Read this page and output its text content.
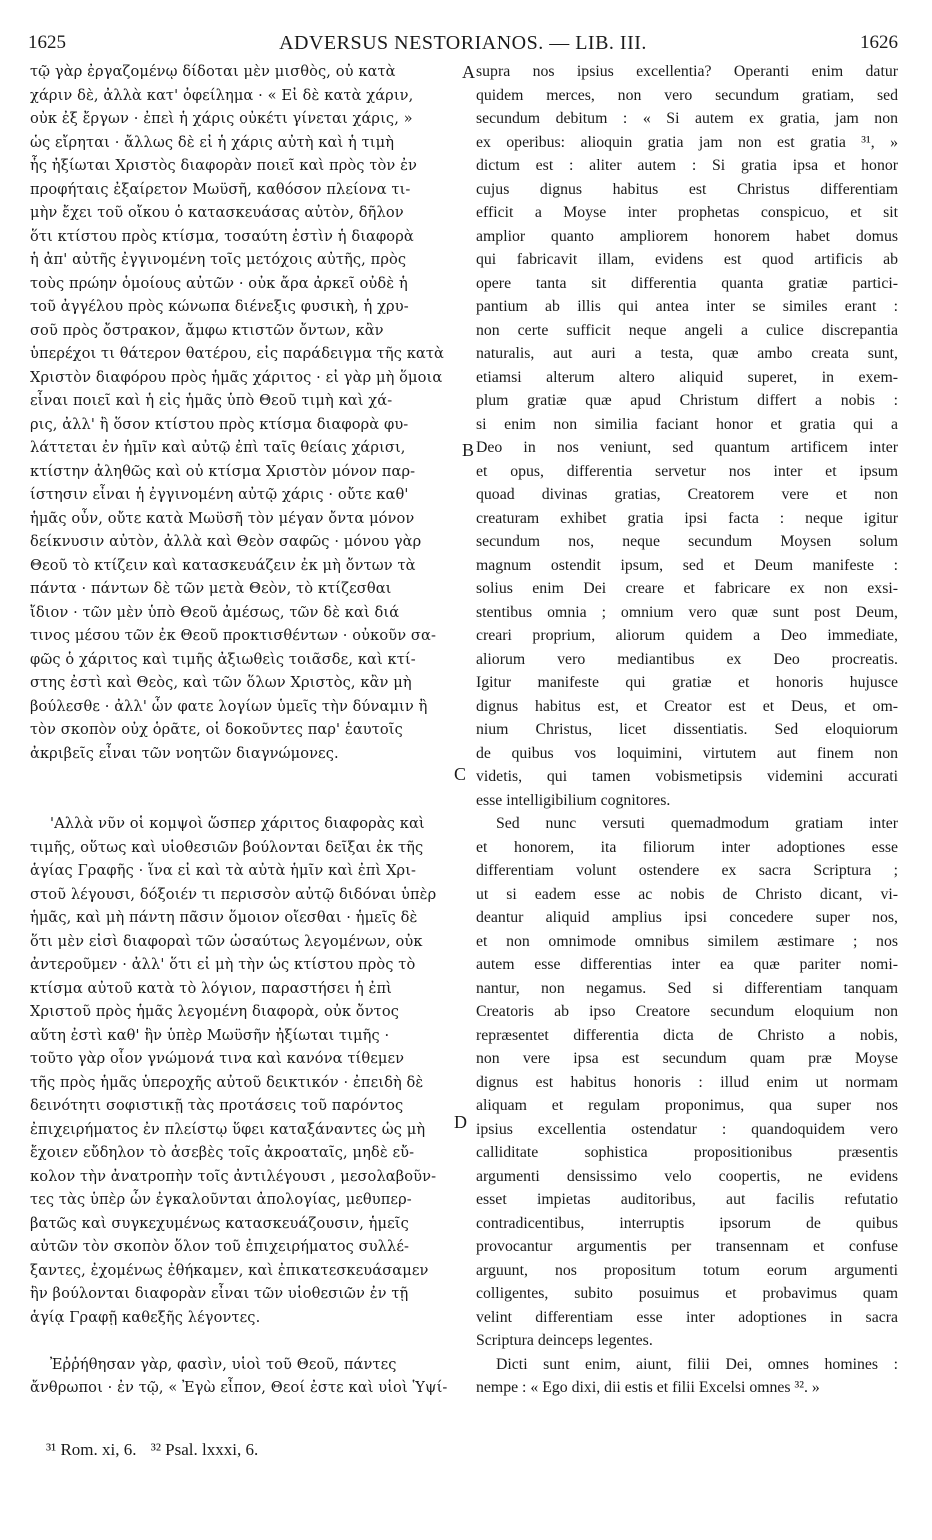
1625	ADVERSUS NESTORIANOS. — LIB. III.	1626
τῷ γὰρ ἐργαζομένῳ δίδοται μὲν μισθὸς, οὐ κατὰ
χάριν δὲ, ἀλλὰ κατ' ὀφείλημα · « Εἰ δὲ κατὰ χάριν,
οὐκ ἐξ ἔργων · ἐπεὶ ἡ χάρις οὐκέτι γίνεται χάρις, »
ὡς εἴρηται · ἄλλως δὲ εἰ ἡ χάρις αὐτὴ καὶ ἡ τιμὴ
ἧς ἠξίωται Χριστὸς διαφορὰν ποιεῖ καὶ πρὸς τὸν ἐν
προφήταις ἐξαίρετον Μωϋσῆ, καθόσον πλείονα τι-
μὴν ἔχει τοῦ οἴκου ὁ κατασκευάσας αὐτὸν, δῆλον
ὅτι κτίστου πρὸς κτίσμα, τοσαύτη ἐστὶν ἡ διαφορὰ
ἡ ἀπ' αὐτῆς ἐγγινομένη τοῖς μετόχοις αὐτῆς, πρὸς
τοὺς πρώην ὁμοίους αὐτῶν · οὐκ ἄρα ἀρκεῖ οὐδὲ ἡ
τοῦ ἀγγέλου πρὸς κώνωπα διένεξις φυσικὴ, ἡ χρυ-
σοῦ πρὸς ὄστρακον, ἄμφω κτιστῶν ὄντων, κἂν
ὑπερέχοι τι θάτερον θατέρου, εἰς παράδειγμα τῆς κατὰ
Χριστὸν διαφόρου πρὸς ἡμᾶς χάριτος · εἰ γὰρ μὴ ὅμοια
εἶναι ποιεῖ καὶ ἡ εἰς ἡμᾶς ὑπὸ Θεοῦ τιμὴ καὶ χά-
ρις, ἀλλ' ἢ ὅσον κτίστου πρὸς κτίσμα διαφορὰ φυ-
λάττεται ἐν ἡμῖν καὶ αὐτῷ ἐπὶ ταῖς θείαις χάρισι,
κτίστην ἀληθῶς καὶ οὐ κτίσμα Χριστὸν μόνον παρ-
ίστησιν εἶναι ἡ ἐγγινομένη αὐτῷ χάρις · οὔτε καθ'
ἡμᾶς οὖν, οὔτε κατὰ Μωϋσῆ τὸν μέγαν ὄντα μόνον
δείκνυσιν αὐτὸν, ἀλλὰ καὶ Θεὸν σαφῶς · μόνου γὰρ
Θεοῦ τὸ κτίζειν καὶ κατασκευάζειν ἐκ μὴ ὄντων τὰ
πάντα · πάντων δὲ τῶν μετὰ Θεὸν, τὸ κτίζεσθαι
ἴδιον · τῶν μὲν ὑπὸ Θεοῦ ἀμέσως, τῶν δὲ καὶ διά
τινος μέσου τῶν ἐκ Θεοῦ προκτισθέντων · οὐκοῦν σα-
φῶς ὁ χάριτος καὶ τιμῆς ἀξιωθεὶς τοιᾶσδε, καὶ κτί-
στης ἐστὶ καὶ Θεὸς, καὶ τῶν ὅλων Χριστὸς, κἂν μὴ
βούλεσθε · ἀλλ' ὧν φατε λογίων ὑμεῖς τὴν δύναμιν ἢ
τὸν σκοπὸν οὐχ ὁρᾶτε, οἱ δοκοῦντες παρ' ἑαυτοῖς
ἀκριβεῖς εἶναι τῶν νοητῶν διαγνώμονες.
'Αλλὰ νῦν οἱ κομψοὶ ὥσπερ χάριτος διαφορὰς καὶ
τιμῆς, οὕτως καὶ υἱοθεσιῶν βούλονται δεῖξαι ἐκ τῆς
ἁγίας Γραφῆς · ἵνα εἰ καὶ τὰ αὐτὰ ἡμῖν καὶ ἐπὶ Χρι-
στοῦ λέγουσι, δόξοιέν τι περισσὸν αὐτῷ διδόναι ὑπὲρ
ἡμᾶς, καὶ μὴ πάντη πᾶσιν ὅμοιον οἴεσθαι · ἡμεῖς δὲ
ὅτι μὲν εἰσὶ διαφοραὶ τῶν ὡσαύτως λεγομένων, οὐκ
ἀντεροῦμεν · ἀλλ' ὅτι εἰ μὴ τὴν ὡς κτίστου πρὸς τὸ
κτίσμα αὐτοῦ κατὰ τὸ λόγιον, παραστήσει ἡ ἐπὶ
Χριστοῦ πρὸς ἡμᾶς λεγομένη διαφορὰ, οὐκ ὄντος
αὕτη ἐστὶ καθ' ἣν ὑπὲρ Μωϋσῆν ἠξίωται τιμῆς ·
τοῦτο γὰρ οἷον γνώμονά τινα καὶ κανόνα τίθεμεν
τῆς πρὸς ἡμᾶς ὑπεροχῆς αὐτοῦ δεικτικόν · ἐπειδὴ δὲ
δεινότητι σοφιστικῇ τὰς προτάσεις τοῦ παρόντος
ἐπιχειρήματος ἐν πλείστῳ ὕφει καταξάναντες ὡς μὴ
ἔχοιεν εὔδηλον τὸ ἀσεβὲς τοῖς ἀκροαταῖς, μηδὲ εὔ-
κολον τὴν ἀνατροπὴν τοῖς ἀντιλέγουσι , μεσολαβοῦν-
τες τὰς ὑπὲρ ὧν ἐγκαλοῦνται ἀπολογίας, μεθυπερ-
βατῶς καὶ συγκεχυμένως κατασκευάζουσιν, ἡμεῖς
αὐτῶν τὸν σκοπὸν ὅλον τοῦ ἐπιχειρήματος συλλέ-
ξαντες, ἐχομένως ἐθήκαμεν, καὶ ἐπικατεσκευάσαμεν
ἣν βούλονται διαφορὰν εἶναι τῶν υἱοθεσιῶν ἐν τῇ
ἁγίᾳ Γραφῇ καθεξῆς λέγοντες.
Ἐῤῥήθησαν γὰρ, φασὶν, υἱοὶ τοῦ Θεοῦ, πάντες
ἄνθρωποι · ἐν τῷ, « Ἐγὼ εἶπον, Θεοί ἐστε καὶ υἱοὶ Ὑψί-
supra nos ipsius excellentia? Operanti enim datur
quidem merces, non vero secundum gratiam, sed
secundum debitum : « Si autem ex gratia, jam non
ex operibus: alioquin gratia jam non est gratia ³¹, »
dictum est : aliter autem : Si gratia ipsa et honor
cujus dignus habitus est Christus differentiam
efficit a Moyse inter prophetas conspicuo, et sit
amplior quanto ampliorem honorem habet domus
qui fabricavit illam, evidens est quod artificis ab
opere tanta sit differentia quanta gratiæ partici-
pantium ab illis qui antea inter se similes erant :
non certe sufficit neque angeli a culice discrepantia
naturalis, aut auri a testa, quæ ambo creata sunt,
etiamsi alterum altero aliquid superet, in exem-
plum gratiæ quæ apud Christum differt a nobis :
si enim non similia faciant honor et gratia qui a
Deo in nos veniunt, sed quantum artificem inter
et opus, differentia servetur nos inter et ipsum
quoad divinas gratias, Creatorem vere et non
creaturam exhibet gratia ipsi facta : neque igitur
secundum nos, neque secundum Moysen solum
magnum ostendit ipsum, sed et Deum manifeste :
solius enim Dei creare et fabricare ex non exsi-
stentibus omnia ; omnium vero quæ sunt post Deum,
creari proprium, aliorum quidem a Deo immediate,
aliorum vero mediantibus ex Deo procreatis.
Igitur manifeste qui gratiæ et honoris hujusce
dignus habitus est, et Creator est et Deus, et om-
nium Christus, licet dissentiatis. Sed eloquiorum
de quibus vos loquimini, virtutem aut finem non
videtis, qui tamen vobismetipsis videmini accurati
esse intelligibilium cognitores.
Sed nunc versuti quemadmodum gratiam inter
et honorem, ita filiorum inter adoptiones esse
differentiam volunt ostendere ex sacra Scriptura ;
ut si eadem esse ac nobis de Christo dicant, vi-
deantur aliquid amplius ipsi concedere super nos,
et non omnimode omnibus similem æstimare ; nos
autem esse differentias inter ea quæ pariter nomi-
nantur, non negamus. Sed si differentiam tanquam
Creatoris ab ipso Creatore secundum eloquium non
repræsentet differentia dicta de Christo a nobis,
non vere ipsa est secundum quam præ Moyse
dignus est habitus honoris : illud enim ut normam
aliquam et regulam proponimus, qua super nos
ipsius excellentia ostendatur : quandoquidem vero
calliditate sophistica propositionibus præsentis
argumenti densissimo velo coopertis, ne evidens
esset impietas auditoribus, aut facilis refutatio
contradicentibus, interruptis ipsorum de quibus
provocantur argumentis per transennam et confuse
arguunt, nos propositum totum eorum argumenti
colligentes, subito posuimus et probavimus quam
velint differentiam esse inter adoptiones in sacra
Scriptura deinceps legentes.
Dicti sunt enim, aiunt, filii Dei, omnes homines :
nempe : « Ego dixi, dii estis et filii Excelsi omnes ³². »
A
B
C
D
³¹ Rom. xi, 6. ³² Psal. lxxxi, 6.
